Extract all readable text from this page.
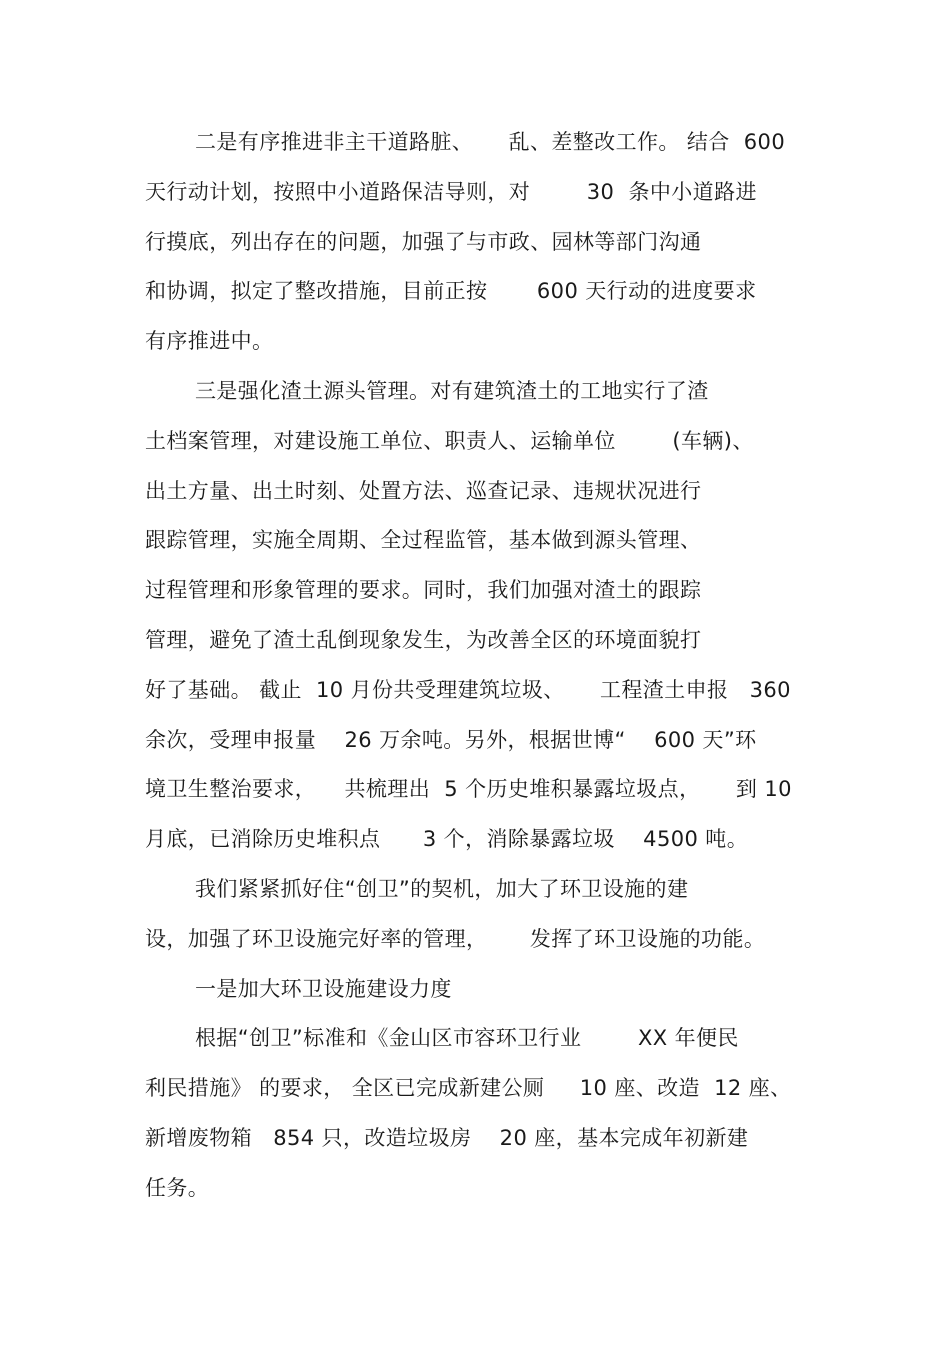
二是有序推进非主干道路脏、     乱、差整改工作。 结合  600
天行动计划，按照中小道路保洁导则，对        30  条中小道路进
行摸底，列出存在的问题，加强了与市政、园林等部门沟通
和协调，拟定了整改措施，目前正按       600 天行动的进度要求
有序推进中。
三是强化渣土源头管理。对有建筑渣土的工地实行了渣
土档案管理，对建设施工单位、职责人、运输单位        (车辆)、
出土方量、出土时刻、处置方法、巡查记录、违规状况进行
跟踪管理，实施全周期、全过程监管，基本做到源头管理、
过程管理和形象管理的要求。同时，我们加强对渣土的跟踪
管理，避免了渣土乱倒现象发生，为改善全区的环境面貌打
好了基础。 截止  10 月份共受理建筑垃圾、     工程渣土申报   360
余次，受理申报量    26 万余吨。另外，根据世博“    600 天”环
境卫生整治要求，    共梳理出  5 个历史堆积暴露垃圾点，     到 10
月底，已消除历史堆积点      3 个，消除暴露垃圾    4500 吨。
我们紧紧抓好住“创卫”的契机，加大了环卫设施的建
设，加强了环卫设施完好率的管理，      发挥了环卫设施的功能。
一是加大环卫设施建设力度
根据“创卫”标准和《金山区市容环卫行业        XX 年便民
利民措施》 的要求， 全区已完成新建公厕     10 座、改造  12 座、
新增废物箱   854 只，改造垃圾房    20 座，基本完成年初新建
任务。
